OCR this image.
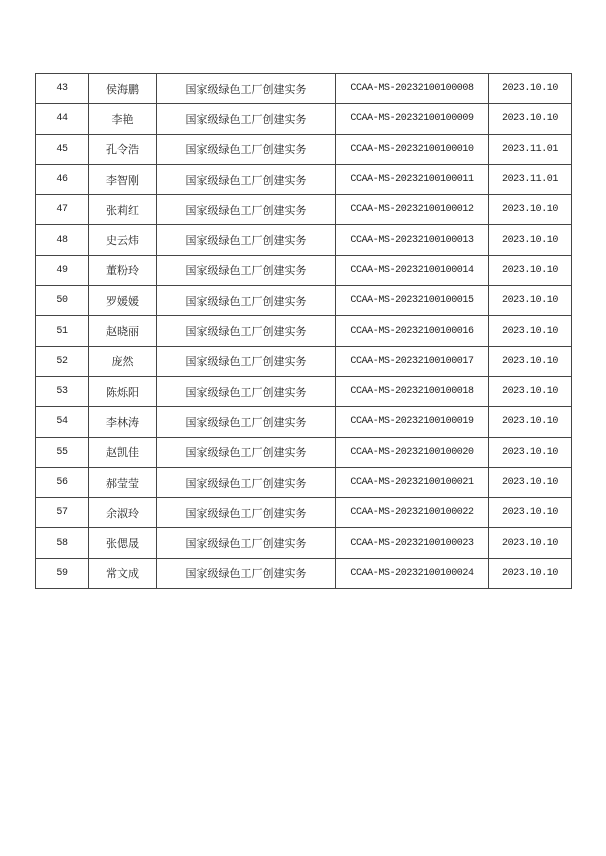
43	侯海鹏	国家级绿色工厂创建实务	CCAA-MS-20232100100008	2023.10.10
44	李艳	国家级绿色工厂创建实务	CCAA-MS-20232100100009	2023.10.10
45	孔令浩	国家级绿色工厂创建实务	CCAA-MS-20232100100010	2023.11.01
46	李智刚	国家级绿色工厂创建实务	CCAA-MS-20232100100011	2023.11.01
47	张莉红	国家级绿色工厂创建实务	CCAA-MS-20232100100012	2023.10.10
48	史云炜	国家级绿色工厂创建实务	CCAA-MS-20232100100013	2023.10.10
49	董粉玲	国家级绿色工厂创建实务	CCAA-MS-20232100100014	2023.10.10
50	罗媛媛	国家级绿色工厂创建实务	CCAA-MS-20232100100015	2023.10.10
51	赵晓丽	国家级绿色工厂创建实务	CCAA-MS-20232100100016	2023.10.10
52	庞然	国家级绿色工厂创建实务	CCAA-MS-20232100100017	2023.10.10
53	陈烁阳	国家级绿色工厂创建实务	CCAA-MS-20232100100018	2023.10.10
54	李林涛	国家级绿色工厂创建实务	CCAA-MS-20232100100019	2023.10.10
55	赵凯佳	国家级绿色工厂创建实务	CCAA-MS-20232100100020	2023.10.10
56	郝莹莹	国家级绿色工厂创建实务	CCAA-MS-20232100100021	2023.10.10
57	余淑玲	国家级绿色工厂创建实务	CCAA-MS-20232100100022	2023.10.10
58	张偲晟	国家级绿色工厂创建实务	CCAA-MS-20232100100023	2023.10.10
59	常文成	国家级绿色工厂创建实务	CCAA-MS-20232100100024	2023.10.10
